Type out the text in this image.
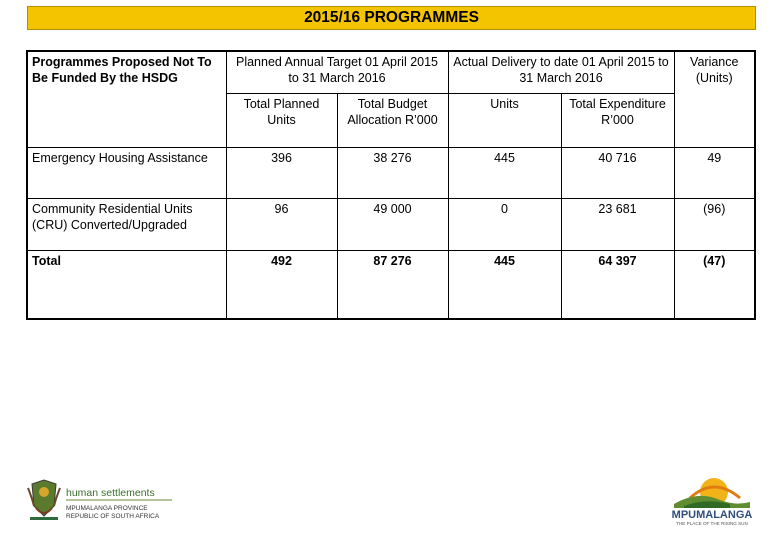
2015/16 PROGRAMMES
Programmes Proposed Not To Be Funded By the HSDG	Planned Annual Target 01 April 2015 to 31 March 2016		Actual Delivery to date 01 April 2015 to 31 March 2016		Variance (Units)
	Total Planned Units	Total Budget Allocation R’000	Units	Total Expenditure R’000	
Emergency Housing Assistance	396	38 276	445	40 716	49
Community Residential Units (CRU) Converted/Upgraded	96	49 000	0	23 681	(96)
Total	492	87 276	445	64 397	(47)
human settlements
MPUMALANGA PROVINCE
REPUBLIC OF SOUTH AFRICA	MPUMALANGA
THE PLACE OF THE RISING SUN
